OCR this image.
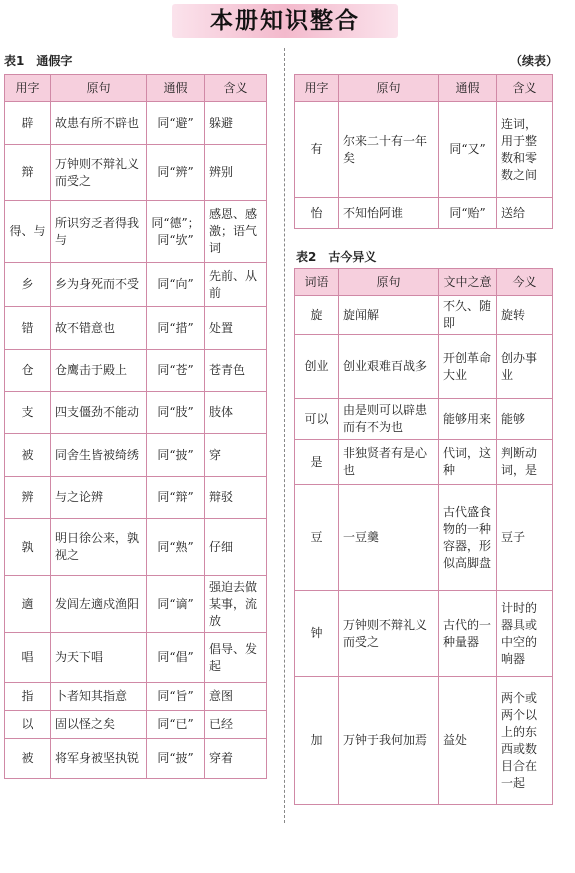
本册知识整合
表1　通假字	（续表）
用字	原句	通假	含义
辟	故患有所不辟也	同“避”	躲避
辩	万钟则不辩礼义而受之	同“辨”	辨别
得、与	所识穷乏者得我与	同“德”；同“欤”	感恩、感激；语气词
乡	乡为身死而不受	同“向”	先前、从前
错	故不错意也	同“措”	处置
仓	仓鹰击于殿上	同“苍”	苍青色
支	四支僵劲不能动	同“肢”	肢体
被	同舍生皆被绮绣	同“披”	穿
辨	与之论辨	同“辩”	辩驳
孰	明日徐公来，孰视之	同“熟”	仔细
適	发闾左適戍渔阳	同“谪”	强迫去做某事，流放
唱	为天下唱	同“倡”	倡导、发起
指	卜者知其指意	同“旨”	意图
以	固以怪之矣	同“已”	已经
被	将军身被坚执锐	同“披”	穿着
用字	原句	通假	含义
有	尔来二十有一年矣	同“又”	连词，用于整数和零数之间
怡	不知怡阿谁	同“贻”	送给
表2　古今异义
词语	原句	文中之意	今义
旋	旋闻解	不久、随即	旋转
创业	创业艰难百战多	开创革命大业	创办事业
可以	由是则可以辟患而有不为也	能够用来	能够
是	非独贤者有是心也	代词，这种	判断动词，是
豆	一豆羹	古代盛食物的一种容器，形似高脚盘	豆子
钟	万钟则不辩礼义而受之	古代的一种量器	计时的器具或中空的响器
加	万钟于我何加焉	益处	两个或两个以上的东西或数目合在一起
